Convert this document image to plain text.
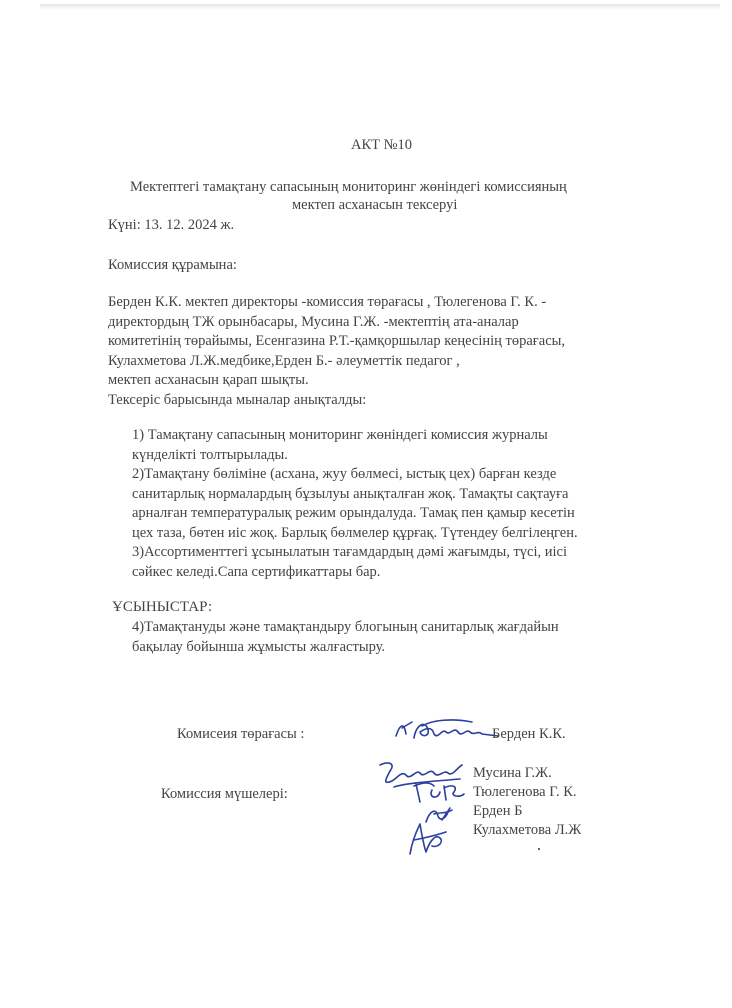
АКТ №10
Мектептегі тамақтану сапасының мониторинг жөніндегі комиссияның
мектеп асханасын тексеруі
Күні: 13. 12. 2024 ж.
Комиссия құрамына:
Берден К.К. мектеп директоры -комиссия төрағасы , Тюлегенова Г. К. -
директордың ТЖ орынбасары, Мусина Г.Ж. -мектептің ата-аналар
комитетінің төрайымы, Есенгазина Р.Т.-қамқоршылар кеңесінің төрағасы,
Кулахметова Л.Ж.медбике,Ерден Б.- әлеуметтік педагог ,
мектеп асханасын қарап шықты.
Тексеріс барысында мыналар анықталды:
1) Тамақтану сапасының мониторинг жөніндегі комиссия журналы
күнделікті толтырылады.
2)Тамақтану бөліміне (асхана, жуу бөлмесі, ыстық цех) барған кезде
санитарлық нормалардың бұзылуы анықталған жоқ. Тамақты сақтауға
арналған температуралық режим орындалуда. Тамақ пен қамыр кесетін
цех таза, бөтен иіс жоқ. Барлық бөлмелер құрғақ. Түтендеу белгілеңген.
3)Ассортименттегі ұсынылатын тағамдардың дәмі жағымды, түсі, иісі
сәйкес келеді.Сапа сертификаттары бар.
ҰСЫНЫСТАР:
4)Тамақтануды және тамақтандыру блогының санитарлық жағдайын
бақылау бойынша жұмысты жалғастыру.
Комисеия төрағасы :	Берден К.К.
Комиссия мүшелері:
Мусина Г.Ж.
Тюлегенова Г. К.
Ерден Б
Кулахметова Л.Ж
